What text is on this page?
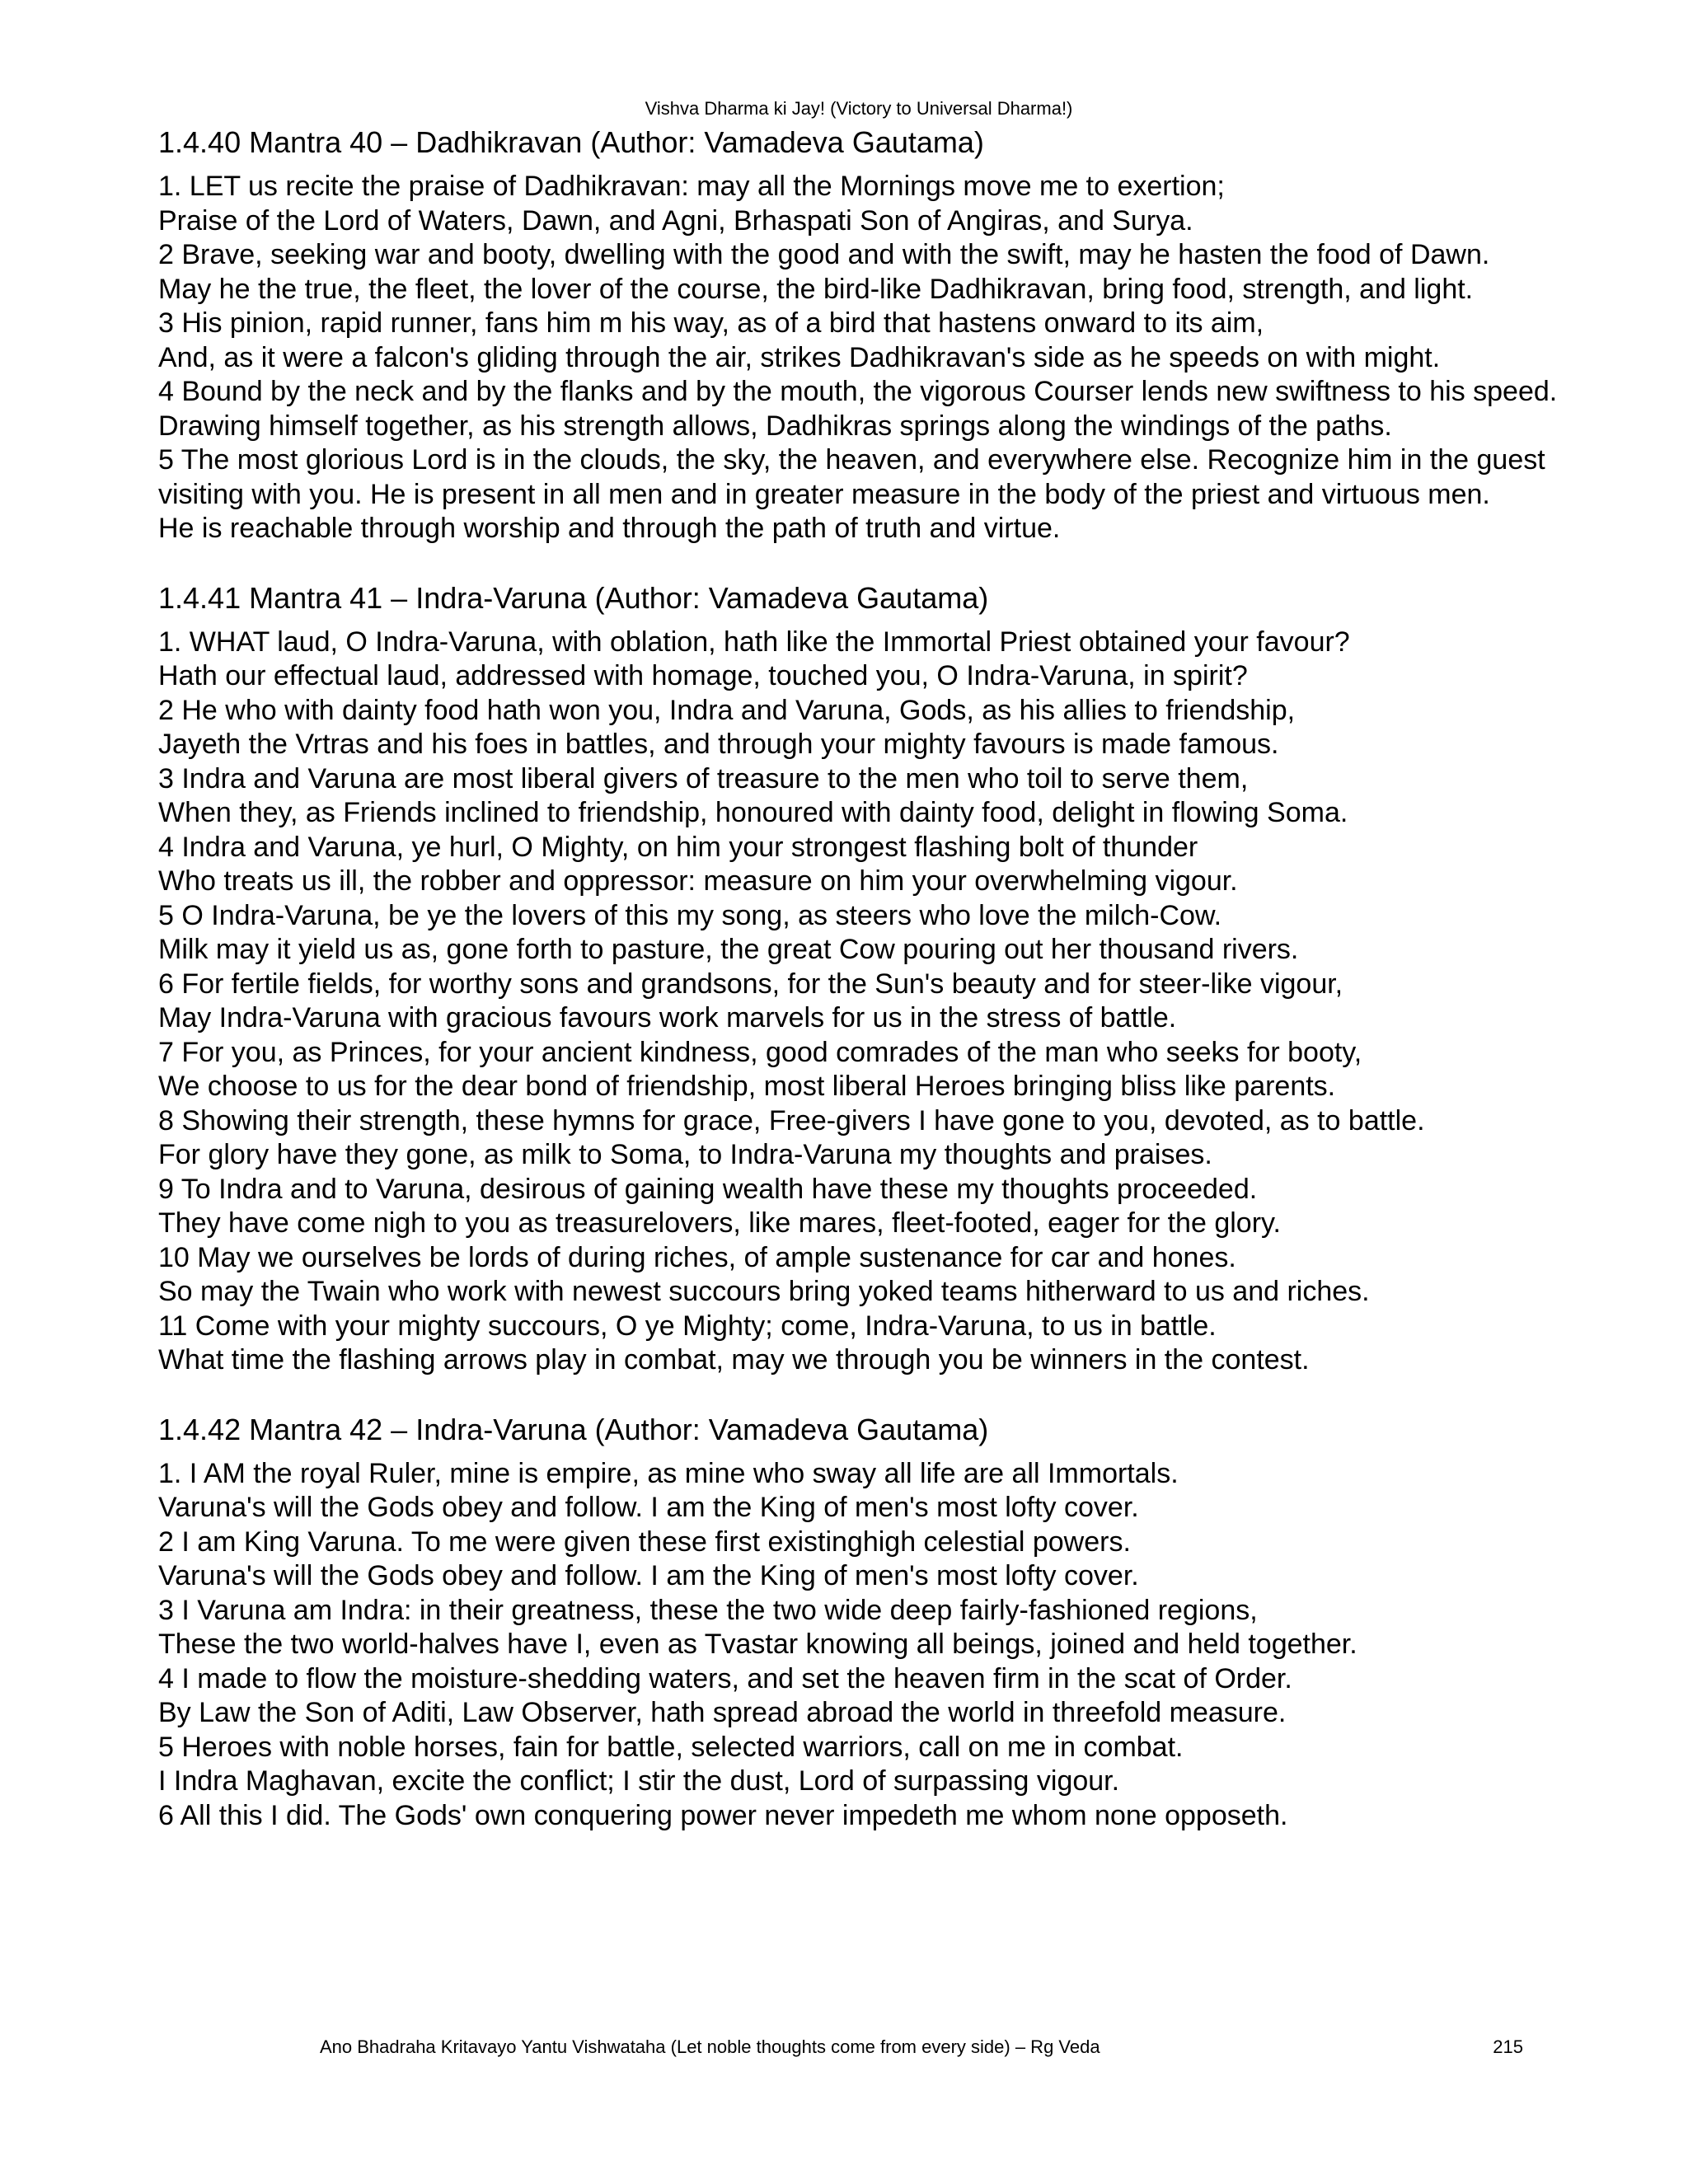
Vishva Dharma ki Jay! (Victory to Universal Dharma!)
1.4.40 Mantra 40 – Dadhikravan (Author: Vamadeva Gautama)

1. LET us recite the praise of Dadhikravan: may all the Mornings move me to exertion;

Praise of the Lord of Waters, Dawn, and Agni, Brhaspati Son of Angiras, and Surya.

2 Brave, seeking war and booty, dwelling with the good and with the swift, may he hasten the food of Dawn.

May he the true, the fleet, the lover of the course, the bird-like Dadhikravan, bring food, strength, and light.

3 His pinion, rapid runner, fans him m his way, as of a bird that hastens onward to its aim,

And, as it were a falcon's gliding through the air, strikes Dadhikravan's side as he speeds on with might.

4 Bound by the neck and by the flanks and by the mouth, the vigorous Courser lends new swiftness to his speed.

Drawing himself together, as his strength allows, Dadhikras springs along the windings of the paths.

5 The most glorious Lord is in the clouds, the sky, the heaven, and everywhere else. Recognize him in the guest

visiting with you. He is present in all men and in greater measure in the body of the priest and virtuous men.

He is reachable through worship and through the path of truth and virtue.

1.4.41 Mantra 41 – Indra-Varuna (Author: Vamadeva Gautama)

1. WHAT laud, O Indra-Varuna, with oblation, hath like the Immortal Priest obtained your favour?

Hath our effectual laud, addressed with homage, touched you, O Indra-Varuna, in spirit?

2 He who with dainty food hath won you, Indra and Varuna, Gods, as his allies to friendship,

Jayeth the Vrtras and his foes in battles, and through your mighty favours is made famous.

3 Indra and Varuna are most liberal givers of treasure to the men who toil to serve them,

When they, as Friends inclined to friendship, honoured with dainty food, delight in flowing Soma.

4 Indra and Varuna, ye hurl, O Mighty, on him your strongest flashing bolt of thunder

Who treats us ill, the robber and oppressor: measure on him your overwhelming vigour.

5 O Indra-Varuna, be ye the lovers of this my song, as steers who love the milch-Cow.

Milk may it yield us as, gone forth to pasture, the great Cow pouring out her thousand rivers.

6 For fertile fields, for worthy sons and grandsons, for the Sun's beauty and for steer-like vigour,

May Indra-Varuna with gracious favours work marvels for us in the stress of battle.

7 For you, as Princes, for your ancient kindness, good comrades of the man who seeks for booty,

We choose to us for the dear bond of friendship, most liberal Heroes bringing bliss like parents.

8 Showing their strength, these hymns for grace, Free-givers I have gone to you, devoted, as to battle.

For glory have they gone, as milk to Soma, to Indra-Varuna my thoughts and praises.

9 To Indra and to Varuna, desirous of gaining wealth have these my thoughts proceeded.

They have come nigh to you as treasurelovers, like mares, fleet-footed, eager for the glory.

10 May we ourselves be lords of during riches, of ample sustenance for car and hones.

So may the Twain who work with newest succours bring yoked teams hitherward to us and riches.

11 Come with your mighty succours, O ye Mighty; come, Indra-Varuna, to us in battle.

What time the flashing arrows play in combat, may we through you be winners in the contest.

1.4.42 Mantra 42 – Indra-Varuna (Author: Vamadeva Gautama)

1. I AM the royal Ruler, mine is empire, as mine who sway all life are all Immortals.

Varuna's will the Gods obey and follow. I am the King of men's most lofty cover.

2 I am King Varuna. To me were given these first existinghigh celestial powers.

Varuna's will the Gods obey and follow. I am the King of men's most lofty cover.

3 I Varuna am Indra: in their greatness, these the two wide deep fairly-fashioned regions,

These the two world-halves have I, even as Tvastar knowing all beings, joined and held together.

4 I made to flow the moisture-shedding waters, and set the heaven firm in the scat of Order.

By Law the Son of Aditi, Law Observer, hath spread abroad the world in threefold measure.

5 Heroes with noble horses, fain for battle, selected warriors, call on me in combat.

I Indra Maghavan, excite the conflict; I stir the dust, Lord of surpassing vigour.

6 All this I did. The Gods' own conquering power never impedeth me whom none opposeth.

Ano Bhadraha Kritavayo Yantu Vishwataha (Let noble thoughts come from every side) – Rg Veda	215
